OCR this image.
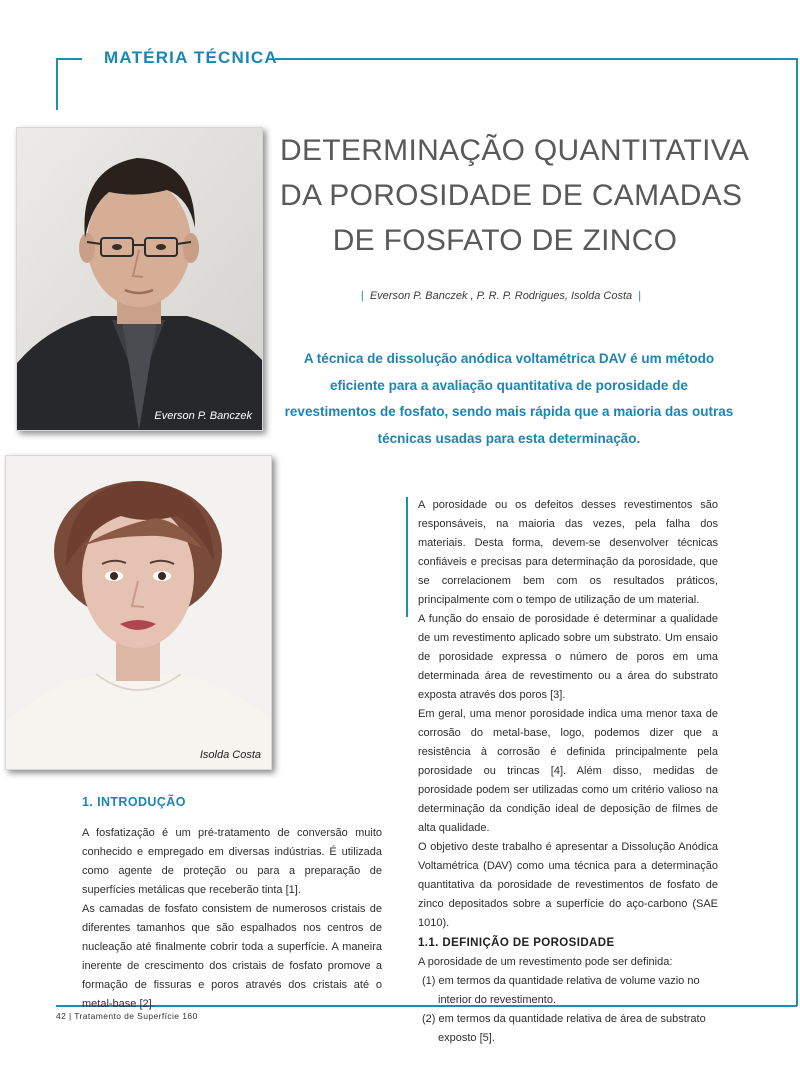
MATÉRIA TÉCNICA
DETERMINAÇÃO QUANTITATIVA
DA POROSIDADE DE CAMADAS
DE FOSFATO DE ZINCO
| Everson P. Banczek , P. R. P. Rodrigues, Isolda Costa |
A técnica de dissolução anódica voltamétrica DAV é um método eficiente para a avaliação quantitativa de porosidade de revestimentos de fosfato, sendo mais rápida que a maioria das outras técnicas usadas para esta determinação.
Everson P. Banczek
Isolda Costa

1. INTRODUÇÃO

A fosfatização é um pré-tratamento de conversão muito conhecido e empregado em diversas indústrias. É utilizada como agente de proteção ou para a preparação de superfícies metálicas que receberão tinta [1].

As camadas de fosfato consistem de numerosos cristais de diferentes tamanhos que são espalhados nos centros de nucleação até finalmente cobrir toda a superfície. A maneira inerente de crescimento dos cristais de fosfato promove a formação de fissuras e poros através dos cristais até o metal-base [2].

A porosidade ou os defeitos desses revestimentos são responsáveis, na maioria das vezes, pela falha dos materiais. Desta forma, devem-se desenvolver técnicas confiáveis e precisas para determinação da porosidade, que se correlacionem bem com os resultados práticos, principalmente com o tempo de utilização de um material.

A função do ensaio de porosidade é determinar a qualidade de um revestimento aplicado sobre um substrato. Um ensaio de porosidade expressa o número de poros em uma determinada área de revestimento ou a área do substrato exposta através dos poros [3].

Em geral, uma menor porosidade indica uma menor taxa de corrosão do metal-base, logo, podemos dizer que a resistência à corrosão é definida principalmente pela porosidade ou trincas [4]. Além disso, medidas de porosidade podem ser utilizadas como um critério valioso na determinação da condição ideal de deposição de filmes de alta qualidade.

O objetivo deste trabalho é apresentar a Dissolução Anódica Voltamétrica (DAV) como uma técnica para a determinação quantitativa da porosidade de revestimentos de fosfato de zinco depositados sobre a superfície do aço-carbono (SAE 1010).

1.1. DEFINIÇÃO DE POROSIDADE

A porosidade de um revestimento pode ser definida:

(1) em termos da quantidade relativa de volume vazio no interior do revestimento.

(2) em termos da quantidade relativa de área de substrato exposto [5].

42 | Tratamento de Superfície 160
